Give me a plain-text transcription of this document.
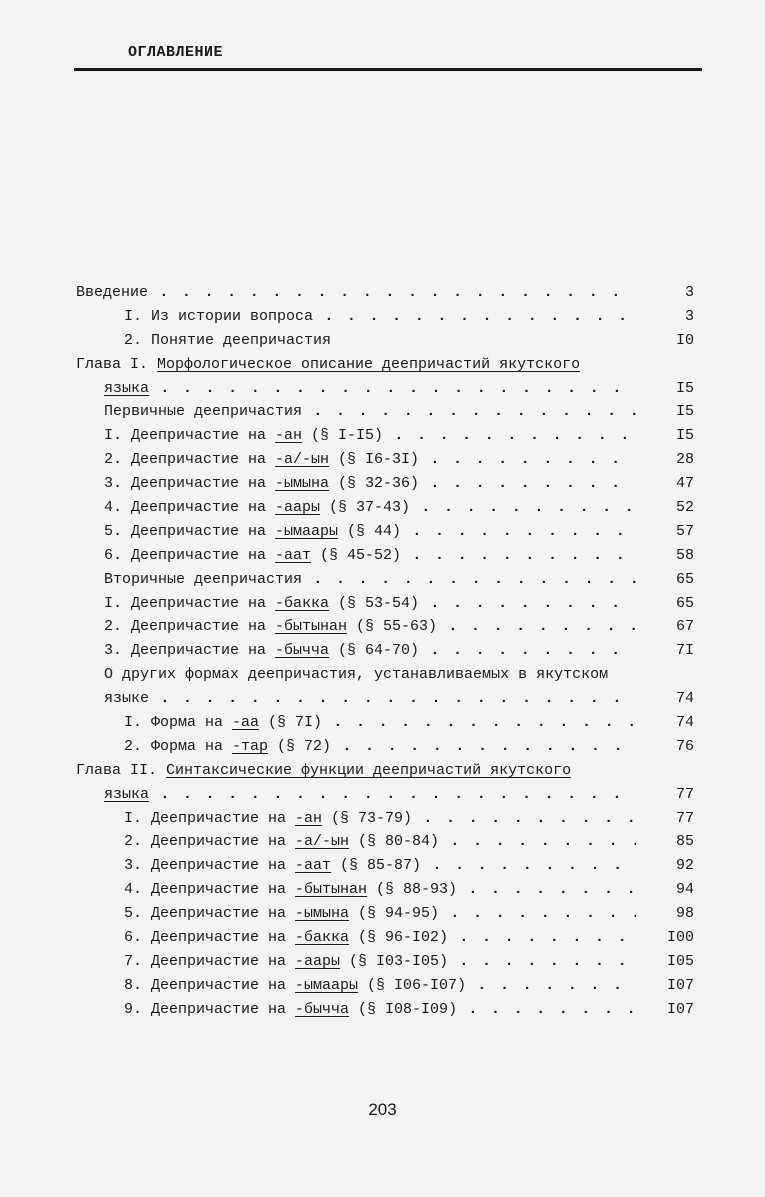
ОГЛАВЛЕНИЕ
Введение . . .	3
I. Из истории вопроса . . .	3
2. Понятие деепричастия	I0
Глава I. Морфологическое описание деепричастий якутского
языка . . .	I5
Первичные деепричастия . . .	I5
I. Деепричастие на -ан (§ I-I5) . . .	I5
2. Деепричастие на -а/-ын (§ I6-3I) . . .	28
3. Деепричастие на -ымына (§ 32-36) . . .	47
4. Деепричастие на -аары (§ 37-43) . . .	52
5. Деепричастие на -ымаары (§ 44) . . .	57
6. Деепричастие на -аат (§ 45-52) . . .	58
Вторичные деепричастия . . .	65
I. Деепричастие на -бакка (§ 53-54) . . .	65
2. Деепричастие на -бытынан (§ 55-63) . . .	67
3. Деепричастие на -бычча (§ 64-70) . . .	7I
О других формах деепричастия, устанавливаемых в якутском
языке . . .	74
I. Форма на -аа (§ 7I) . . .	74
2. Форма на -тар (§ 72) . . .	76
Глава II. Синтаксические функции деепричастий якутского
языка . . .	77
I. Деепричастие на -ан (§ 73-79) . . .	77
2. Деепричастие на -а/-ын (§ 80-84) . . .	85
3. Деепричастие на -аат (§ 85-87) . . .	92
4. Деепричастие на -бытынан (§ 88-93) . . .	94
5. Деепричастие на -ымына (§ 94-95) . . .	98
6. Деепричастие на -бакка (§ 96-I02) . . .	I00
7. Деепричастие на -аары (§ I03-I05) . . .	I05
8. Деепричастие на -ымаары (§ I06-I07) . . .	I07
9. Деепричастие на -бычча (§ I08-I09) . . .	I07
203
